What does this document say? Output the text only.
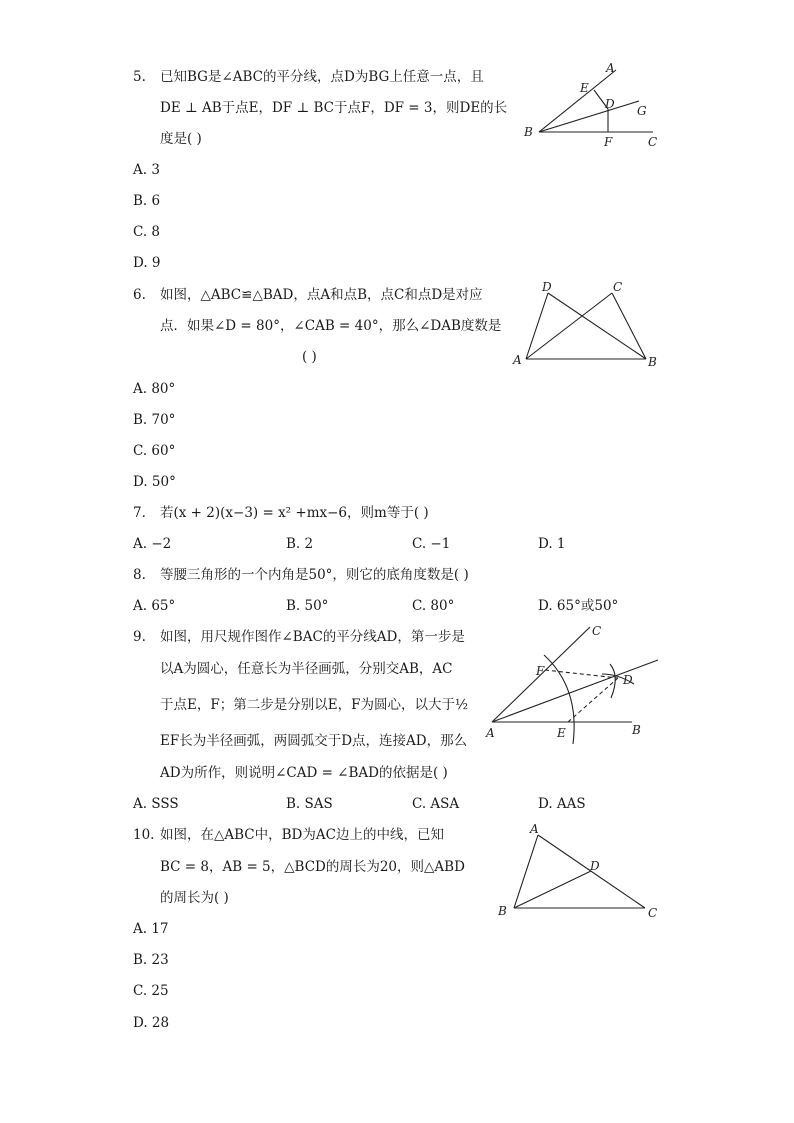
5. 已知BG是∠ABC的平分线，点D为BG上任意一点，且
DE ⊥ AB于点E，DF ⊥ BC于点F，DF = 3，则DE的长
度是( )
A. 3
B. 6
C. 8
D. 9
A
E
D G
B
F	C
6. 如图，△ABC≌△BAD，点A和点B，点C和点D是对应
点．如果∠D = 80°，∠CAB = 40°，那么∠DAB度数是
( )
A. 80°
B. 70°
C. 60°
D. 50°
D	C
A	B
7. 若(x + 2)(x−3) = x² +mx−6，则m等于( )
A. −2	B. 2	C. −1	D. 1
8. 等腰三角形的一个内角是50°，则它的底角度数是( )
A. 65°	B. 50°	C. 80°	D. 65°或50°
9. 如图，用尺规作图作∠BAC的平分线AD，第一步是
以A为圆心，任意长为半径画弧，分别交AB，AC
于点E，F；第二步是分别以E，F为圆心，以大于½
EF长为半径画弧，两圆弧交于D点，连接AD，那么
AD为所作，则说明∠CAD = ∠BAD的依据是( )
A. SSS	B. SAS	C. ASA	D. AAS
C
F
D
A	E	B
10. 如图，在△ABC中，BD为AC边上的中线，已知
BC = 8，AB = 5，△BCD的周长为20，则△ABD
的周长为( )
A. 17
B. 23
C. 25
D. 28
A
D
B	C
